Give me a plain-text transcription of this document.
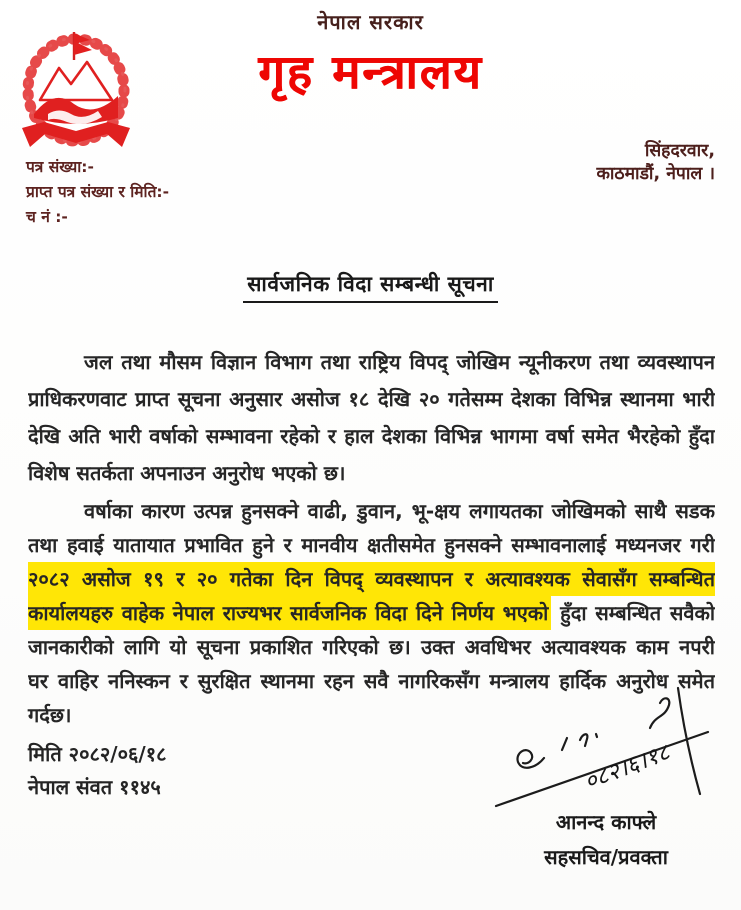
नेपाल सरकार
गृह मन्त्रालय
पत्र संख्या:-
प्राप्त पत्र संख्या र मिति:-
च नं :-
सिंहदरवार,
काठमाडौं, नेपाल ।
सार्वजनिक विदा सम्बन्धी सूचना
जल तथा मौसम विज्ञान विभाग तथा राष्ट्रिय विपद् जोखिम न्यूनीकरण तथा व्यवस्थापन
प्राधिकरणवाट प्राप्त सूचना अनुसार असोज १८ देखि २० गतेसम्म देशका विभिन्न स्थानमा भारी
देखि अति भारी वर्षाको सम्भावना रहेको र हाल देशका विभिन्न भागमा वर्षा समेत भैरहेको हुँदा
विशेष सतर्कता अपनाउन अनुरोध भएको छ।
वर्षाका कारण उत्पन्न हुनसक्ने वाढी, डुवान, भू-क्षय लगायतका जोखिमको साथै सडक
तथा हवाई यातायात प्रभावित हुने र मानवीय क्षतीसमेत हुनसक्ने सम्भावनालाई मध्यनजर गरी
२०८२ असोज १९ र २० गतेका दिन विपद् व्यवस्थापन र अत्यावश्यक सेवासँग सम्बन्धित
कार्यालयहरु वाहेक नेपाल राज्यभर सार्वजनिक विदा दिने निर्णय भएको हुँदा सम्बन्धित सवैको
जानकारीको लागि यो सूचना प्रकाशित गरिएको छ। उक्त अवधिभर अत्यावश्यक काम नपरी
घर वाहिर ननिस्कन र सुरक्षित स्थानमा रहन सवै नागरिकसँग मन्त्रालय हार्दिक अनुरोध समेत
गर्दछ।
मिति २०८२/०६/१८
नेपाल संवत ११४५	०८२।६।१८
आनन्द काफ्ले
सहसचिव/प्रवक्ता
